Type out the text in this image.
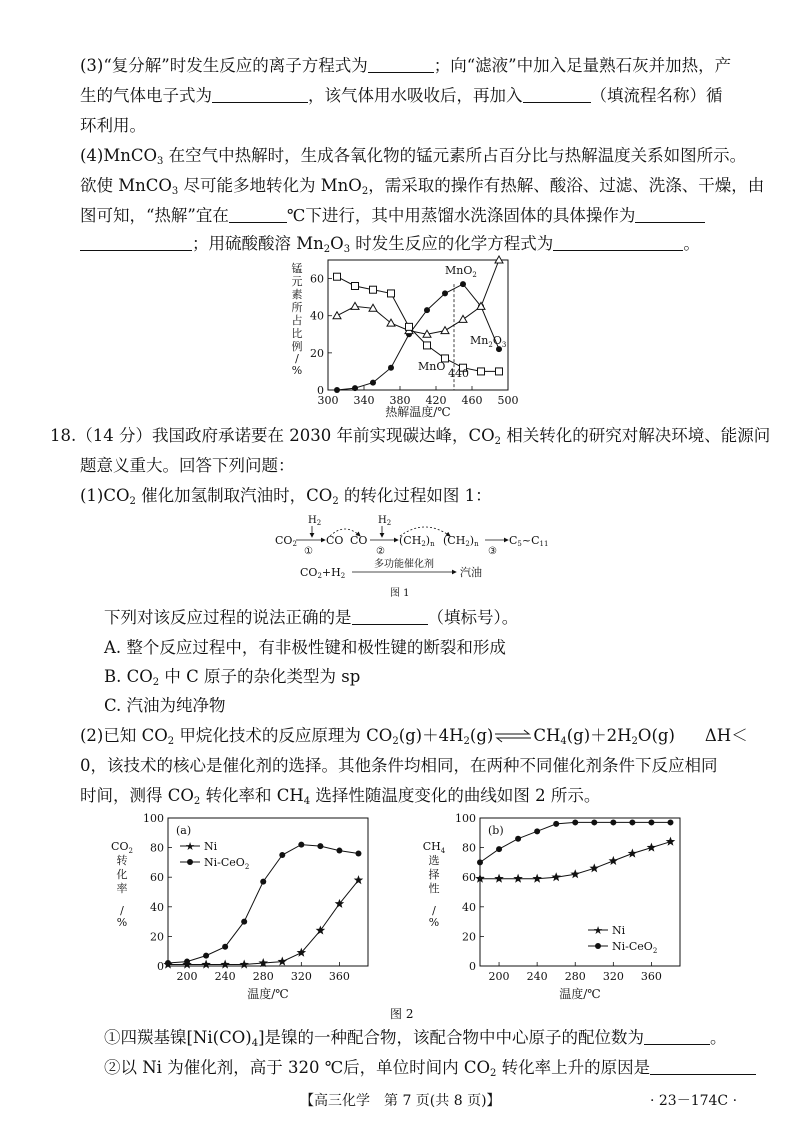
(3)“复分解”时发生反应的离子方程式为	；向“滤液”中加入足量熟石灰并加热，产
生的气体电子式为	，该气体用水吸收后，再加入	（填流程名称）循
环利用。
(4)MnCO$_3$ 在空气中热解时，生成各氧化物的锰元素所占百分比与热解温度关系如图所示。
欲使 MnCO$_3$ 尽可能多地转化为 MnO$_2$，需采取的操作有热解、酸浴、过滤、洗涤、干燥，由
图可知，“热解”宜在	℃下进行，其中用蒸馏水洗涤固体的具体操作为
；用硫酸酸溶 $Mn_2O_3$ 时发生反应的化学方程式为	。
锰
元
素
所
占
比
例
/
%
0
20
40
60
300 340 380 420 460 500
MnO$_2$
$Mn_2O_3$
MnO
440
热解温度/℃
18.（14 分）我国政府承诺要在 2030 年前实现碳达峰，$CO_2$ 相关转化的研究对解决环境、能源问
题意义重大。回答下列问题：
$(1)CO_2$ 催化加氢制取汽油时，$CO_2$ 的转化过程如图 1：
$H_2$	$H_2$
CO2
①
CO CO
②
(CH2)n (CH2)n
③
C5~C11
CO2+H2
多功能催化剂
汽油
图 1
下列对该反应过程的说法正确的是	（填标号）。
A. 整个反应过程中，有非极性键和极性键的断裂和形成
B. $CO_2$ 中 C 原子的杂化类型为 sp
C. 汽油为纯净物
(2)已知 $CO_2$ 甲烷化技术的反应原理为 $CO_2(g)+4H_2(g)\rightleftharpoons CH_4(g)+2H_2O(g)$ ΔH＜
0，该技术的核心是催化剂的选择。其他条件均相同，在两种不同催化剂条件下反应相同
时间，测得 $CO_2$ 转化率和 $CH_4$ 选择性随温度变化的曲线如图 2 所示。
$CO_2$
转
化
率
/
%
(a)
★ Ni
Ni-CeO$_2$
0
20
40
60
80
100
200 240 280 320 360
温度/℃
$CH_4$
选
择
性
/
%
(b)
★ Ni
Ni-CeO$_2$
0
20
40
60
80
100
200 240 280 320 360
温度/℃
图 2
①四羰基镍$[Ni(CO)_4]$是镍的一种配合物，该配合物中中心原子的配位数为	。
②以 Ni 为催化剂，高于 320 ℃后，单位时间内 $CO_2$ 转化率上升的原因是
【高三化学　第 7 页(共 8 页)】	· 23－174C ·
